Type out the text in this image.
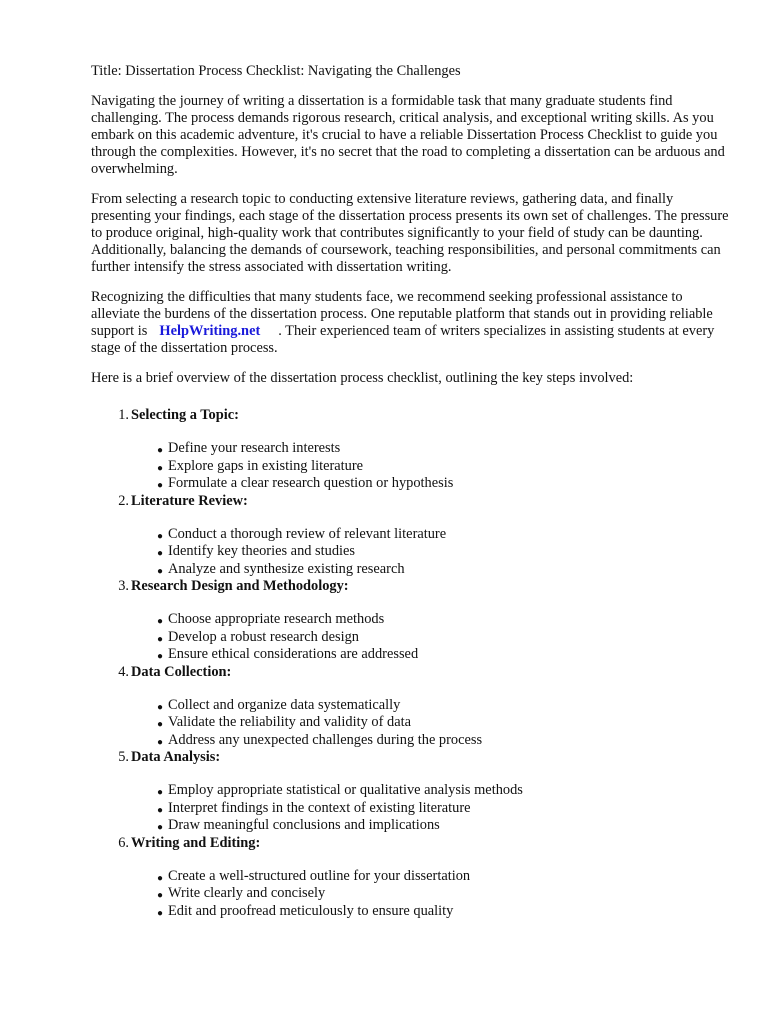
Title: Dissertation Process Checklist: Navigating the Challenges

Navigating the journey of writing a dissertation is a formidable task that many graduate students find challenging. The process demands rigorous research, critical analysis, and exceptional writing skills. As you embark on this academic adventure, it's crucial to have a reliable Dissertation Process Checklist to guide you through the complexities. However, it's no secret that the road to completing a dissertation can be arduous and overwhelming.

From selecting a research topic to conducting extensive literature reviews, gathering data, and finally presenting your findings, each stage of the dissertation process presents its own set of challenges. The pressure to produce original, high-quality work that contributes significantly to your field of study can be daunting. Additionally, balancing the demands of coursework, teaching responsibilities, and personal commitments can further intensify the stress associated with dissertation writing.

Recognizing the difficulties that many students face, we recommend seeking professional assistance to alleviate the burdens of the dissertation process. One reputable platform that stands out in providing reliable support is HelpWriting.net . Their experienced team of writers specializes in assisting students at every stage of the dissertation process.

Here is a brief overview of the dissertation process checklist, outlining the key steps involved:

1. Selecting a Topic:
● Define your research interests
● Explore gaps in existing literature
● Formulate a clear research question or hypothesis
2. Literature Review:
● Conduct a thorough review of relevant literature
● Identify key theories and studies
● Analyze and synthesize existing research
3. Research Design and Methodology:
● Choose appropriate research methods
● Develop a robust research design
● Ensure ethical considerations are addressed
4. Data Collection:
● Collect and organize data systematically
● Validate the reliability and validity of data
● Address any unexpected challenges during the process
5. Data Analysis:
● Employ appropriate statistical or qualitative analysis methods
● Interpret findings in the context of existing literature
● Draw meaningful conclusions and implications
6. Writing and Editing:
● Create a well-structured outline for your dissertation
● Write clearly and concisely
● Edit and proofread meticulously to ensure quality
